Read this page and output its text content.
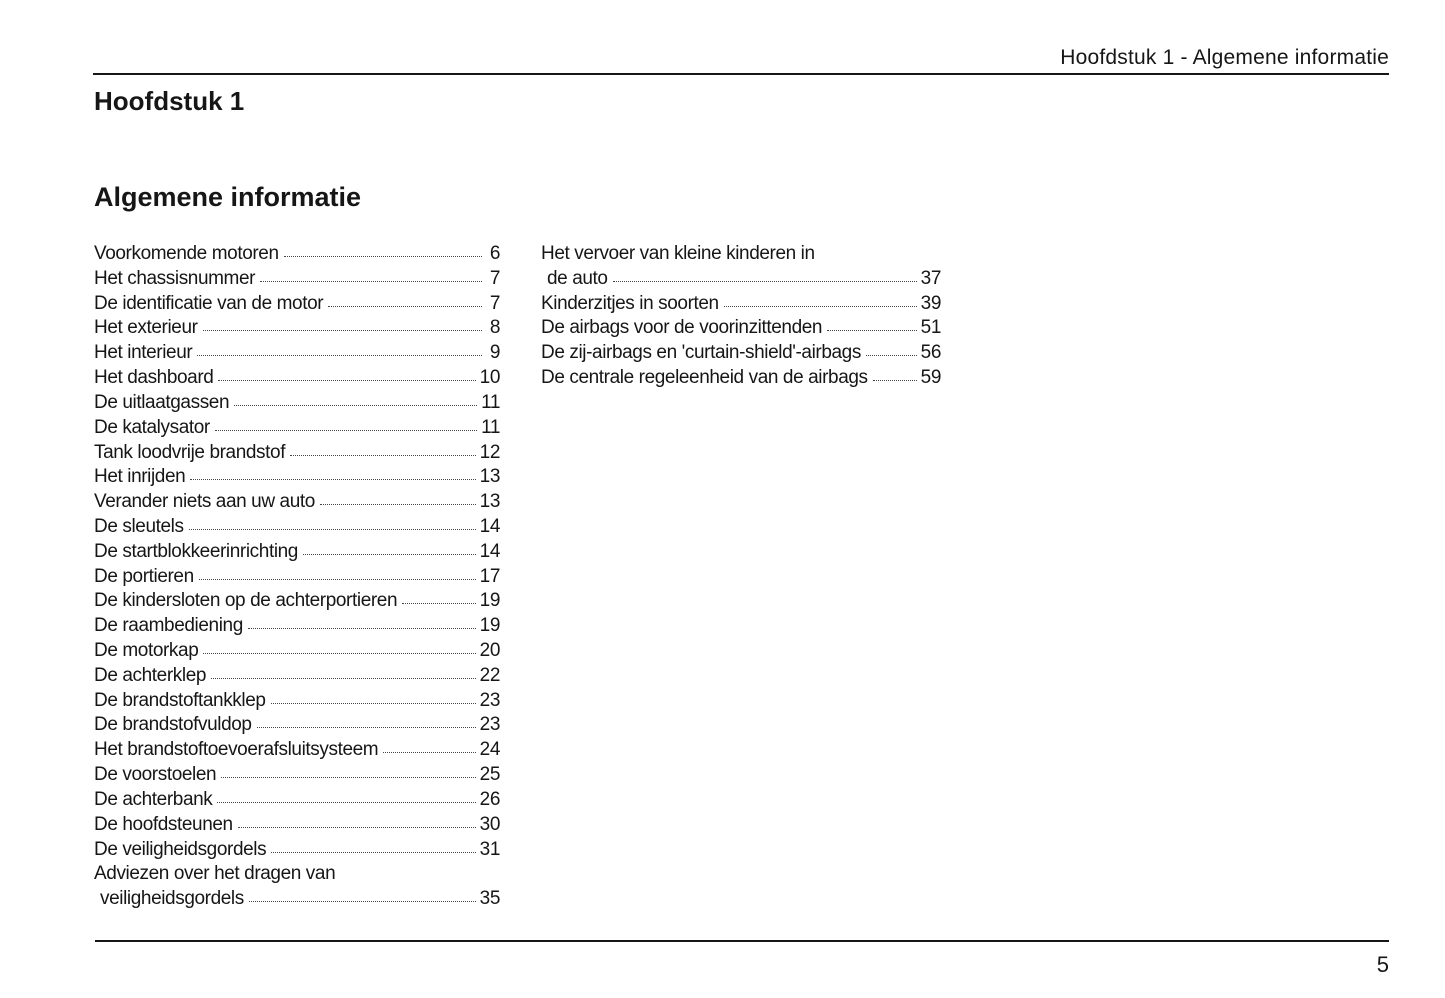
Hoofdstuk 1 - Algemene informatie
Hoofdstuk 1
Algemene informatie
Voorkomende motoren	6
Het chassisnummer	7
De identificatie van de motor	7
Het exterieur	8
Het interieur	9
Het dashboard	10
De uitlaatgassen	11
De katalysator	11
Tank loodvrije brandstof	12
Het inrijden	13
Verander niets aan uw auto	13
De sleutels	14
De startblokkeerinrichting	14
De portieren	17
De kindersloten op de achterportieren	19
De raambediening	19
De motorkap	20
De achterklep	22
De brandstoftankklep	23
De brandstofvuldop	23
Het brandstoftoevoerafsluitsysteem	24
De voorstoelen	25
De achterbank	26
De hoofdsteunen	30
De veiligheidsgordels	31
Adviezen over het dragen van
veiligheidsgordels	35
Het vervoer van kleine kinderen in
de auto	37
Kinderzitjes in soorten	39
De airbags voor de voorinzittenden	51
De zij-airbags en 'curtain-shield'-airbags	56
De centrale regeleenheid van de airbags	59
5
